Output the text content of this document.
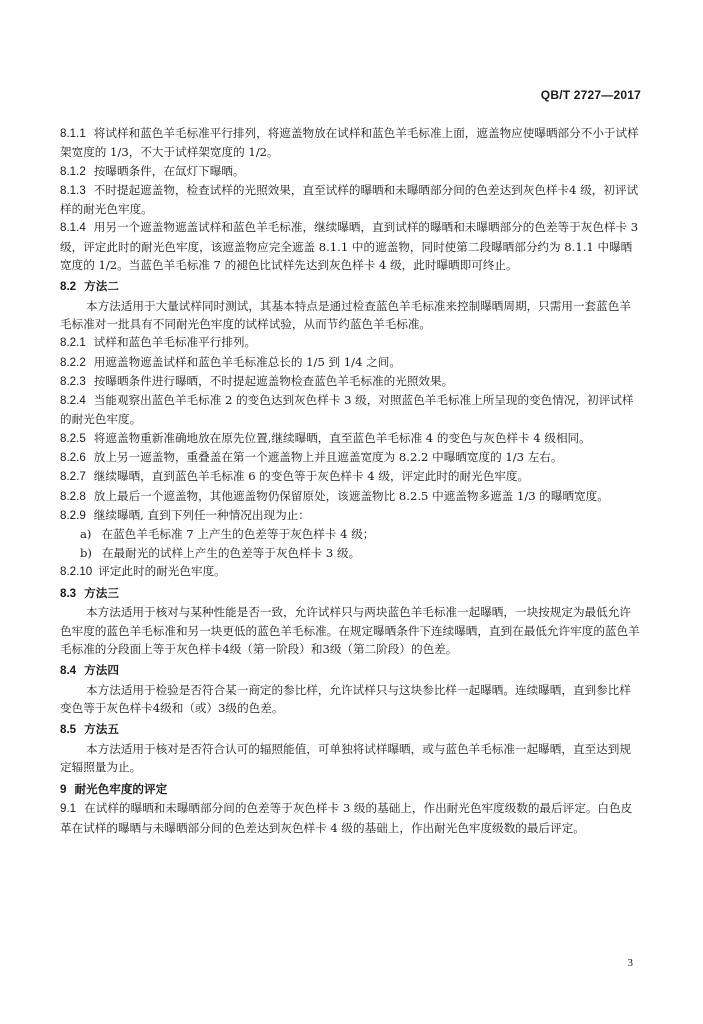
QB/T 2727—2017

8.1.1 将试样和蓝色羊毛标准平行排列，将遮盖物放在试样和蓝色羊毛标准上面，遮盖物应使曝晒部分不小于试样架宽度的 1/3，不大于试样架宽度的 1/2。

8.1.2 按曝晒条件，在氙灯下曝晒。

8.1.3 不时提起遮盖物，检查试样的光照效果，直至试样的曝晒和未曝晒部分间的色差达到灰色样卡4 级，初评试样的耐光色牢度。

8.1.4 用另一个遮盖物遮盖试样和蓝色羊毛标准，继续曝晒，直到试样的曝晒和未曝晒部分的色差等于灰色样卡 3 级，评定此时的耐光色牢度，该遮盖物应完全遮盖 8.1.1 中的遮盖物，同时使第二段曝晒部分约为 8.1.1 中曝晒宽度的 1/2。当蓝色羊毛标准 7 的褪色比试样先达到灰色样卡 4 级，此时曝晒即可终止。

8.2 方法二

本方法适用于大量试样同时测试，其基本特点是通过检查蓝色羊毛标准来控制曝晒周期，只需用一套蓝色羊毛标准对一批具有不同耐光色牢度的试样试验，从而节约蓝色羊毛标准。

8.2.1 试样和蓝色羊毛标准平行排列。

8.2.2 用遮盖物遮盖试样和蓝色羊毛标准总长的 1/5 到 1/4 之间。

8.2.3 按曝晒条件进行曝晒，不时提起遮盖物检查蓝色羊毛标准的光照效果。

8.2.4 当能观察出蓝色羊毛标准 2 的变色达到灰色样卡 3 级，对照蓝色羊毛标准上所呈现的变色情况，初评试样的耐光色牢度。

8.2.5 将遮盖物重新准确地放在原先位置,继续曝晒，直至蓝色羊毛标准 4 的变色与灰色样卡 4 级相同。

8.2.6 放上另一遮盖物，重叠盖在第一个遮盖物上并且遮盖宽度为 8.2.2 中曝晒宽度的 1/3 左右。

8.2.7 继续曝晒，直到蓝色羊毛标准 6 的变色等于灰色样卡 4 级，评定此时的耐光色牢度。

8.2.8 放上最后一个遮盖物，其他遮盖物仍保留原处，该遮盖物比 8.2.5 中遮盖物多遮盖 1/3 的曝晒宽度。

8.2.9 继续曝晒, 直到下列任一种情况出现为止：

a) 在蓝色羊毛标准 7 上产生的色差等于灰色样卡 4 级；

b) 在最耐光的试样上产生的色差等于灰色样卡 3 级。

8.2.10 评定此时的耐光色牢度。

8.3 方法三

本方法适用于核对与某种性能是否一致，允许试样只与两块蓝色羊毛标准一起曝晒，一块按规定为最低允许色牢度的蓝色羊毛标准和另一块更低的蓝色羊毛标准。在规定曝晒条件下连续曝晒，直到在最低允许牢度的蓝色羊毛标准的分段面上等于灰色样卡4级（第一阶段）和3级（第二阶段）的色差。

8.4 方法四

本方法适用于检验是否符合某一商定的参比样，允许试样只与这块参比样一起曝晒。连续曝晒，直到参比样变色等于灰色样卡4级和（或）3级的色差。

8.5 方法五

本方法适用于核对是否符合认可的辐照能值，可单独将试样曝晒，或与蓝色羊毛标准一起曝晒，直至达到规定辐照量为止。

9 耐光色牢度的评定

9.1 在试样的曝晒和未曝晒部分间的色差等于灰色样卡 3 级的基础上，作出耐光色牢度级数的最后评定。白色皮革在试样的曝晒与未曝晒部分间的色差达到灰色样卡 4 级的基础上，作出耐光色牢度级数的最后评定。

3
